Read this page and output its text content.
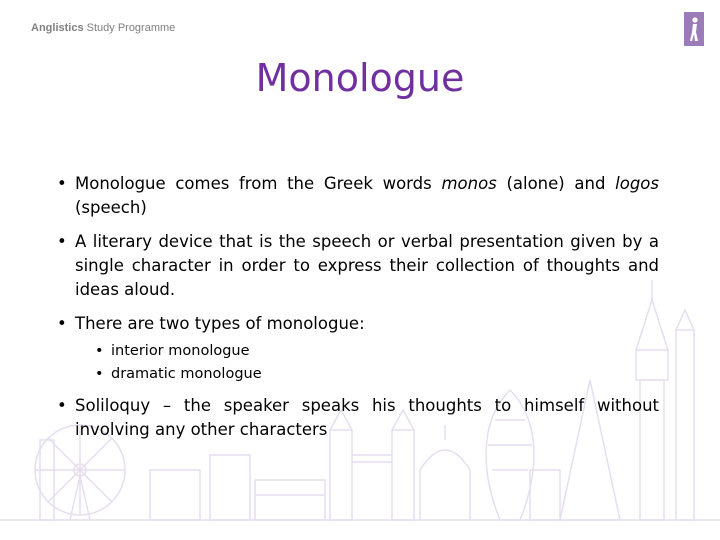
Anglistics Study Programme
Monologue
• Monologue comes from the Greek words monos (alone) and logos (speech)
• A literary device that is the speech or verbal presentation given by a single character in order to express their collection of thoughts and ideas aloud.
• There are two types of monologue:
• interior monologue
• dramatic monologue
• Soliloquy – the speaker speaks his thoughts to himself without involving any other characters
